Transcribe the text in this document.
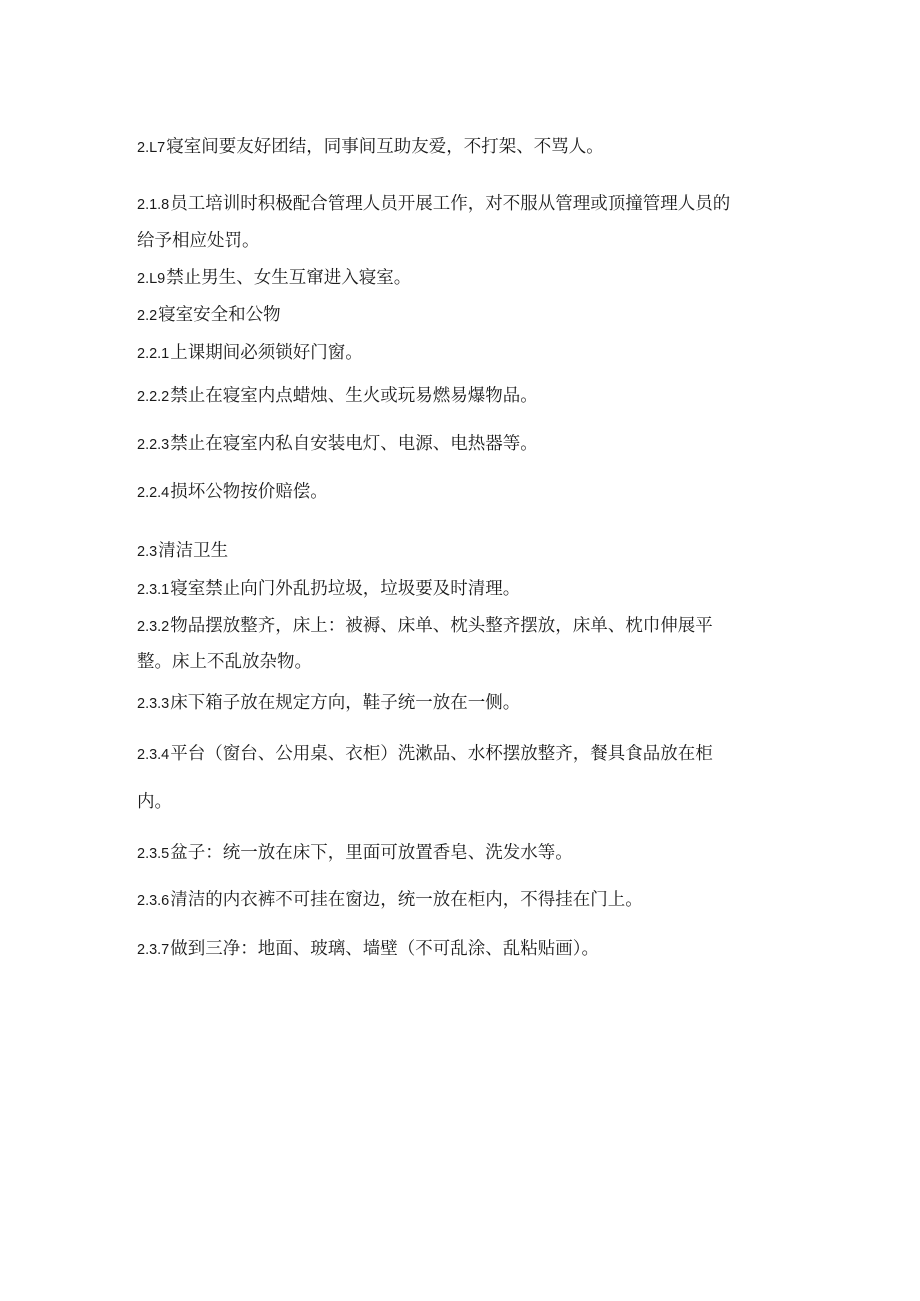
2.L7寝室间要友好团结，同事间互助友爱，不打架、不骂人。
2.1.8员工培训时积极配合管理人员开展工作，对不服从管理或顶撞管理人员的
给予相应处罚。
2.L9禁止男生、女生互窜进入寝室。
2.2寝室安全和公物
2.2.1上课期间必须锁好门窗。
2.2.2禁止在寝室内点蜡烛、生火或玩易燃易爆物品。
2.2.3禁止在寝室内私自安装电灯、电源、电热器等。
2.2.4损坏公物按价赔偿。
2.3清洁卫生
2.3.1寝室禁止向门外乱扔垃圾，垃圾要及时清理。
2.3.2物品摆放整齐，床上：被褥、床单、枕头整齐摆放，床单、枕巾伸展平
整。床上不乱放杂物。
2.3.3床下箱子放在规定方向，鞋子统一放在一侧。
2.3.4平台（窗台、公用桌、衣柜）洗漱品、水杯摆放整齐，餐具食品放在柜
内。
2.3.5盆子：统一放在床下，里面可放置香皂、洗发水等。
2.3.6清洁的内衣裤不可挂在窗边，统一放在柜内，不得挂在门上。
2.3.7做到三净：地面、玻璃、墙壁（不可乱涂、乱粘贴画）。
